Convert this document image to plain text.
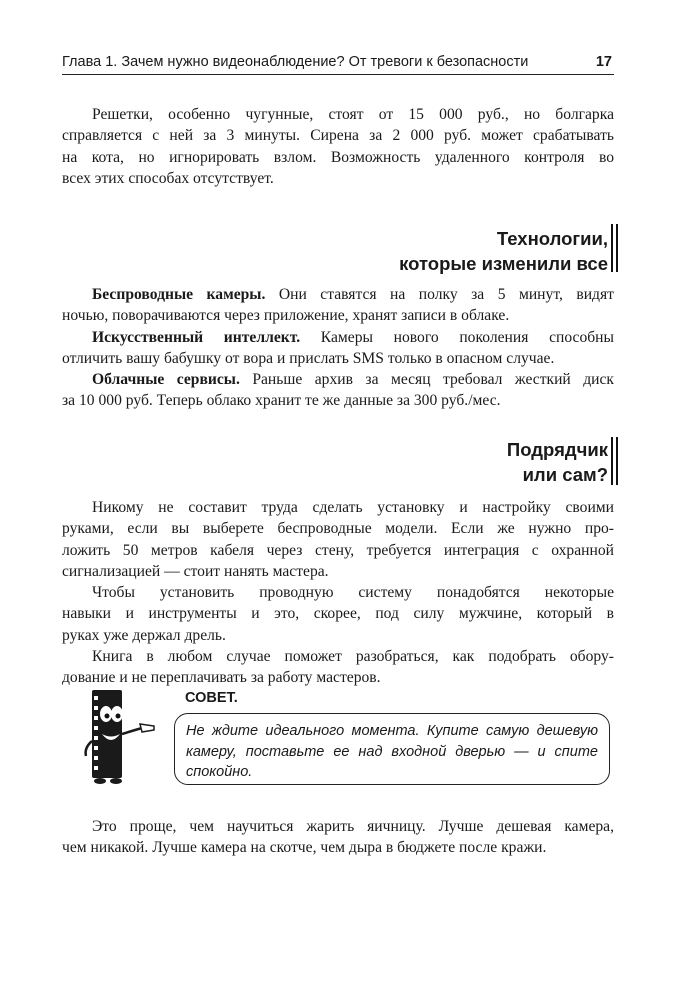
Глава 1. Зачем нужно видеонаблюдение? От тревоги к безопасности	17
Решетки, особенно чугунные, стоят от 15 000 руб., но болгарка
справляется с ней за 3 минуты. Сирена за 2 000 руб. может срабатывать
на кота, но игнорировать взлом. Возможность удаленного контроля во
всех этих способах отсутствует.
Технологии,
которые изменили все
Беспроводные камеры. Они ставятся на полку за 5 минут, видят
ночью, поворачиваются через приложение, хранят записи в облаке.
Искусственный интеллект. Камеры нового поколения способны
отличить вашу бабушку от вора и прислать SMS только в опасном случае.
Облачные сервисы. Раньше архив за месяц требовал жесткий диск
за 10 000 руб. Теперь облако хранит те же данные за 300 руб./мес.
Подрядчик
или сам?
Никому не составит труда сделать установку и настройку своими
руками, если вы выберете беспроводные модели. Если же нужно про-
ложить 50 метров кабеля через стену, требуется интеграция с охранной
сигнализацией — стоит нанять мастера.
Чтобы установить проводную систему понадобятся некоторые
навыки и инструменты и это, скорее, под силу мужчине, который в
руках уже держал дрель.
Книга в любом случае поможет разобраться, как подобрать обору-
дование и не переплачивать за работу мастеров.
СОВЕТ.
Не ждите идеального момента. Купите самую дешевую
камеру, поставьте ее над входной дверью — и спите
спокойно.
Это проще, чем научиться жарить яичницу. Лучше дешевая камера,
чем никакой. Лучше камера на скотче, чем дыра в бюджете после кражи.
